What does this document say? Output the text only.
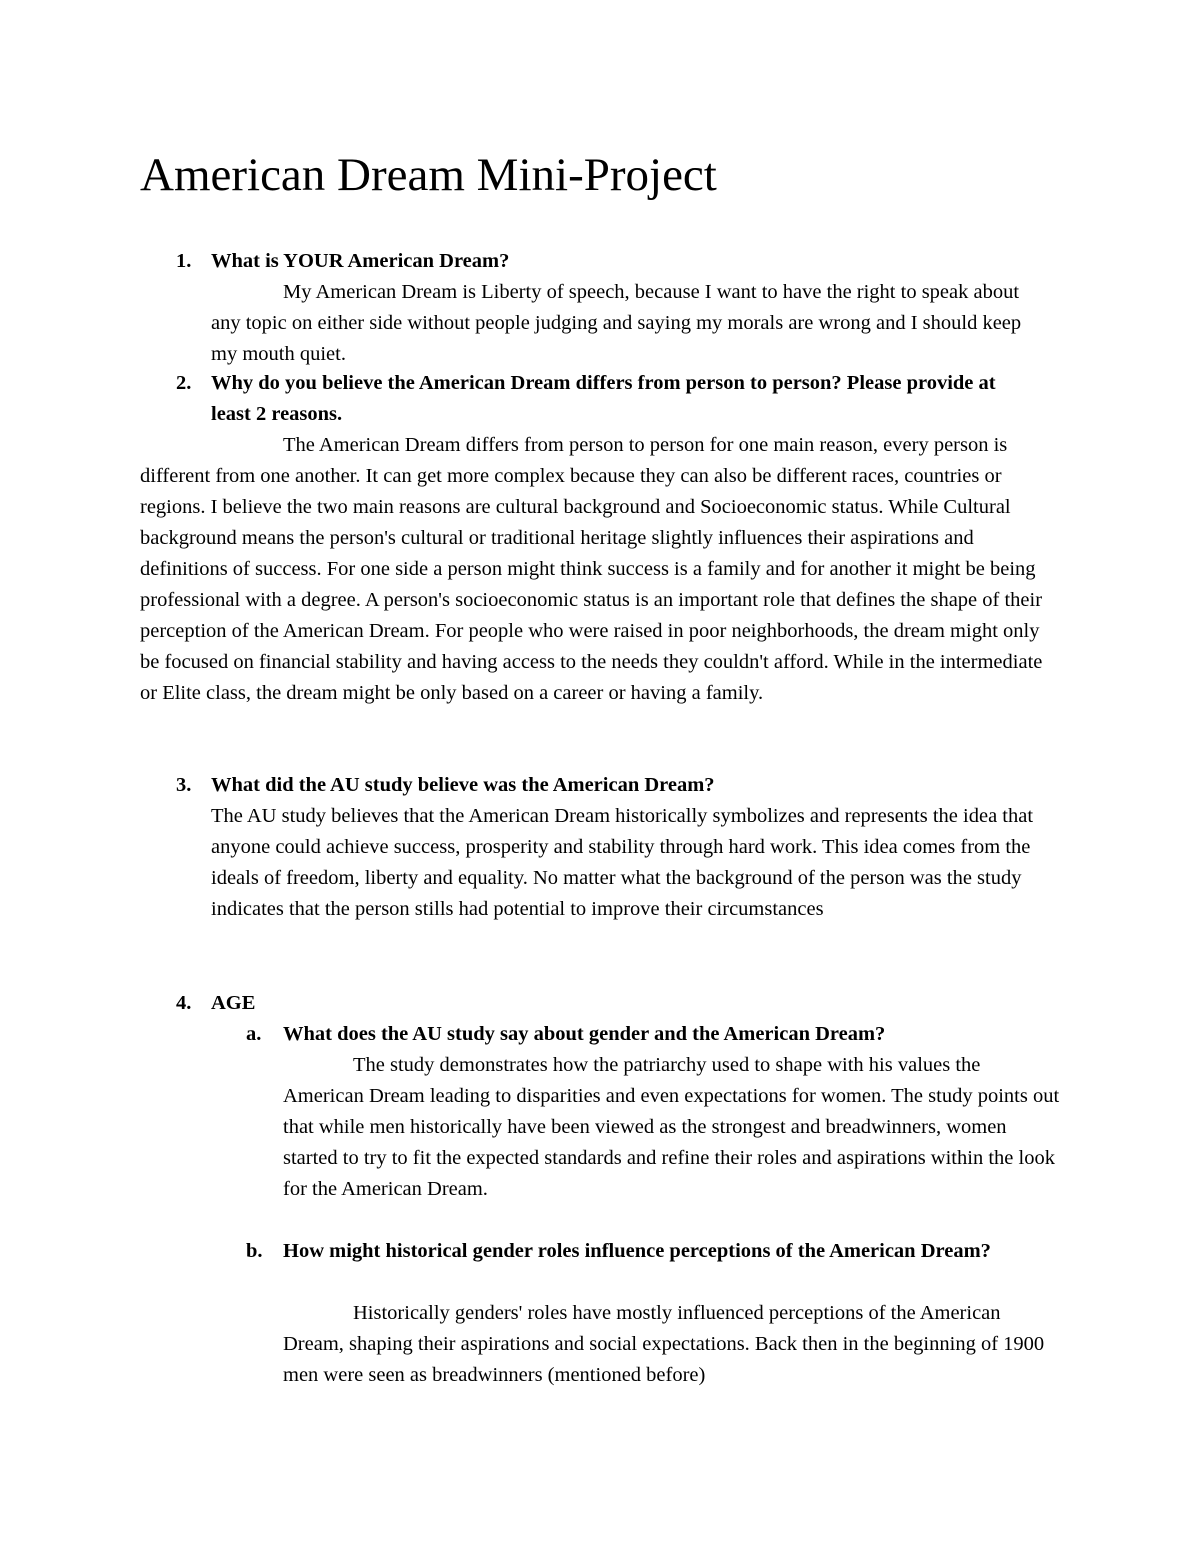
American Dream Mini-Project
1. What is YOUR American Dream?

My American Dream is Liberty of speech, because I want to have the right to speak about any topic on either side without people judging and saying my morals are wrong and I should keep my mouth quiet.

2. Why do you believe the American Dream differs from person to person? Please provide at least 2 reasons.

The American Dream differs from person to person for one main reason, every person is different from one another. It can get more complex because they can also be different races, countries or regions. I believe the two main reasons are cultural background and Socioeconomic status. While Cultural background means the person's cultural or traditional heritage slightly influences their aspirations and definitions of success. For one side a person might think success is a family and for another it might be being professional with a degree. A person's socioeconomic status is an important role that defines the shape of their perception of the American Dream. For people who were raised in poor neighborhoods, the dream might only be focused on financial stability and having access to the needs they couldn't afford. While in the intermediate or Elite class, the dream might be only based on a career or having a family.

3. What did the AU study believe was the American Dream?

The AU study believes that the American Dream historically symbolizes and represents the idea that anyone could achieve success, prosperity and stability through hard work. This idea comes from the ideals of freedom, liberty and equality. No matter what the background of the person was the study indicates that the person stills had potential to improve their circumstances

4. AGE

a. What does the AU study say about gender and the American Dream?

The study demonstrates how the patriarchy used to shape with his values the American Dream leading to disparities and even expectations for women. The study points out that while men historically have been viewed as the strongest and breadwinners, women started to try to fit the expected standards and refine their roles and aspirations within the look for the American Dream.

b. How might historical gender roles influence perceptions of the American Dream?

Historically genders' roles have mostly influenced perceptions of the American Dream, shaping their aspirations and social expectations. Back then in the beginning of 1900 men were seen as breadwinners (mentioned before)
